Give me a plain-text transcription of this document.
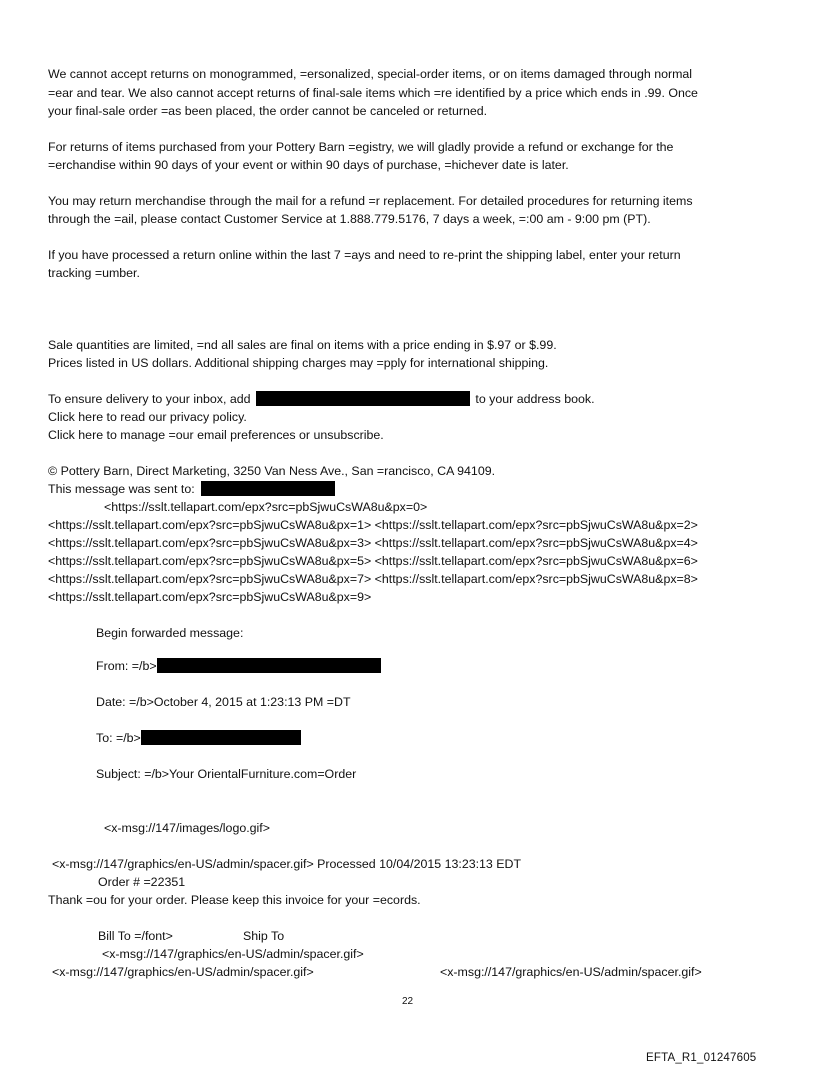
We cannot accept returns on monogrammed, =ersonalized, special-order items, or on items damaged through normal
=ear and tear. We also cannot accept returns of final-sale items which =re identified by a price which ends in .99. Once
your final-sale order =as been placed, the order cannot be canceled or returned.
For returns of items purchased from your Pottery Barn =egistry, we will gladly provide a refund or exchange for the
=erchandise within 90 days of your event or within 90 days of purchase, =hichever date is later.
You may return merchandise through the mail for a refund =r replacement. For detailed procedures for returning items
through the =ail, please contact Customer Service at 1.888.779.5176, 7 days a week, =:00 am - 9:00 pm (PT).
If you have processed a return online within the last 7 =ays and need to re-print the shipping label, enter your return
tracking =umber.
Sale quantities are limited, =nd all sales are final on items with a price ending in $.97 or $.99.
Prices listed in US dollars. Additional shipping charges may =pply for international shipping.
To ensure delivery to your inbox, add	to your address book.
Click here to read our privacy policy.
Click here to manage =our email preferences or unsubscribe.
© Pottery Barn, Direct Marketing, 3250 Van Ness Ave., San =rancisco, CA 94109.
This message was sent to:
<https://sslt.tellapart.com/epx?src=pbSjwuCsWA8u&px=0>
<https://sslt.tellapart.com/epx?src=pbSjwuCsWA8u&px=1> <https://sslt.tellapart.com/epx?src=pbSjwuCsWA8u&px=2>
<https://sslt.tellapart.com/epx?src=pbSjwuCsWA8u&px=3> <https://sslt.tellapart.com/epx?src=pbSjwuCsWA8u&px=4>
<https://sslt.tellapart.com/epx?src=pbSjwuCsWA8u&px=5> <https://sslt.tellapart.com/epx?src=pbSjwuCsWA8u&px=6>
<https://sslt.tellapart.com/epx?src=pbSjwuCsWA8u&px=7> <https://sslt.tellapart.com/epx?src=pbSjwuCsWA8u&px=8>
<https://sslt.tellapart.com/epx?src=pbSjwuCsWA8u&px=9>
Begin forwarded message:
From: =/b>
Date: =/b>October 4, 2015 at 1:23:13 PM =DT
To: =/b>
Subject: =/b>Your OrientalFurniture.com=Order
<x-msg://147/images/logo.gif>
<x-msg://147/graphics/en-US/admin/spacer.gif> Processed 10/04/2015 13:23:13 EDT
Order # =22351
Thank =ou for your order. Please keep this invoice for your =ecords.
Bill To =/font>	Ship To
<x-msg://147/graphics/en-US/admin/spacer.gif>
<x-msg://147/graphics/en-US/admin/spacer.gif>	<x-msg://147/graphics/en-US/admin/spacer.gif>
22
EFTA_R1_01247605
